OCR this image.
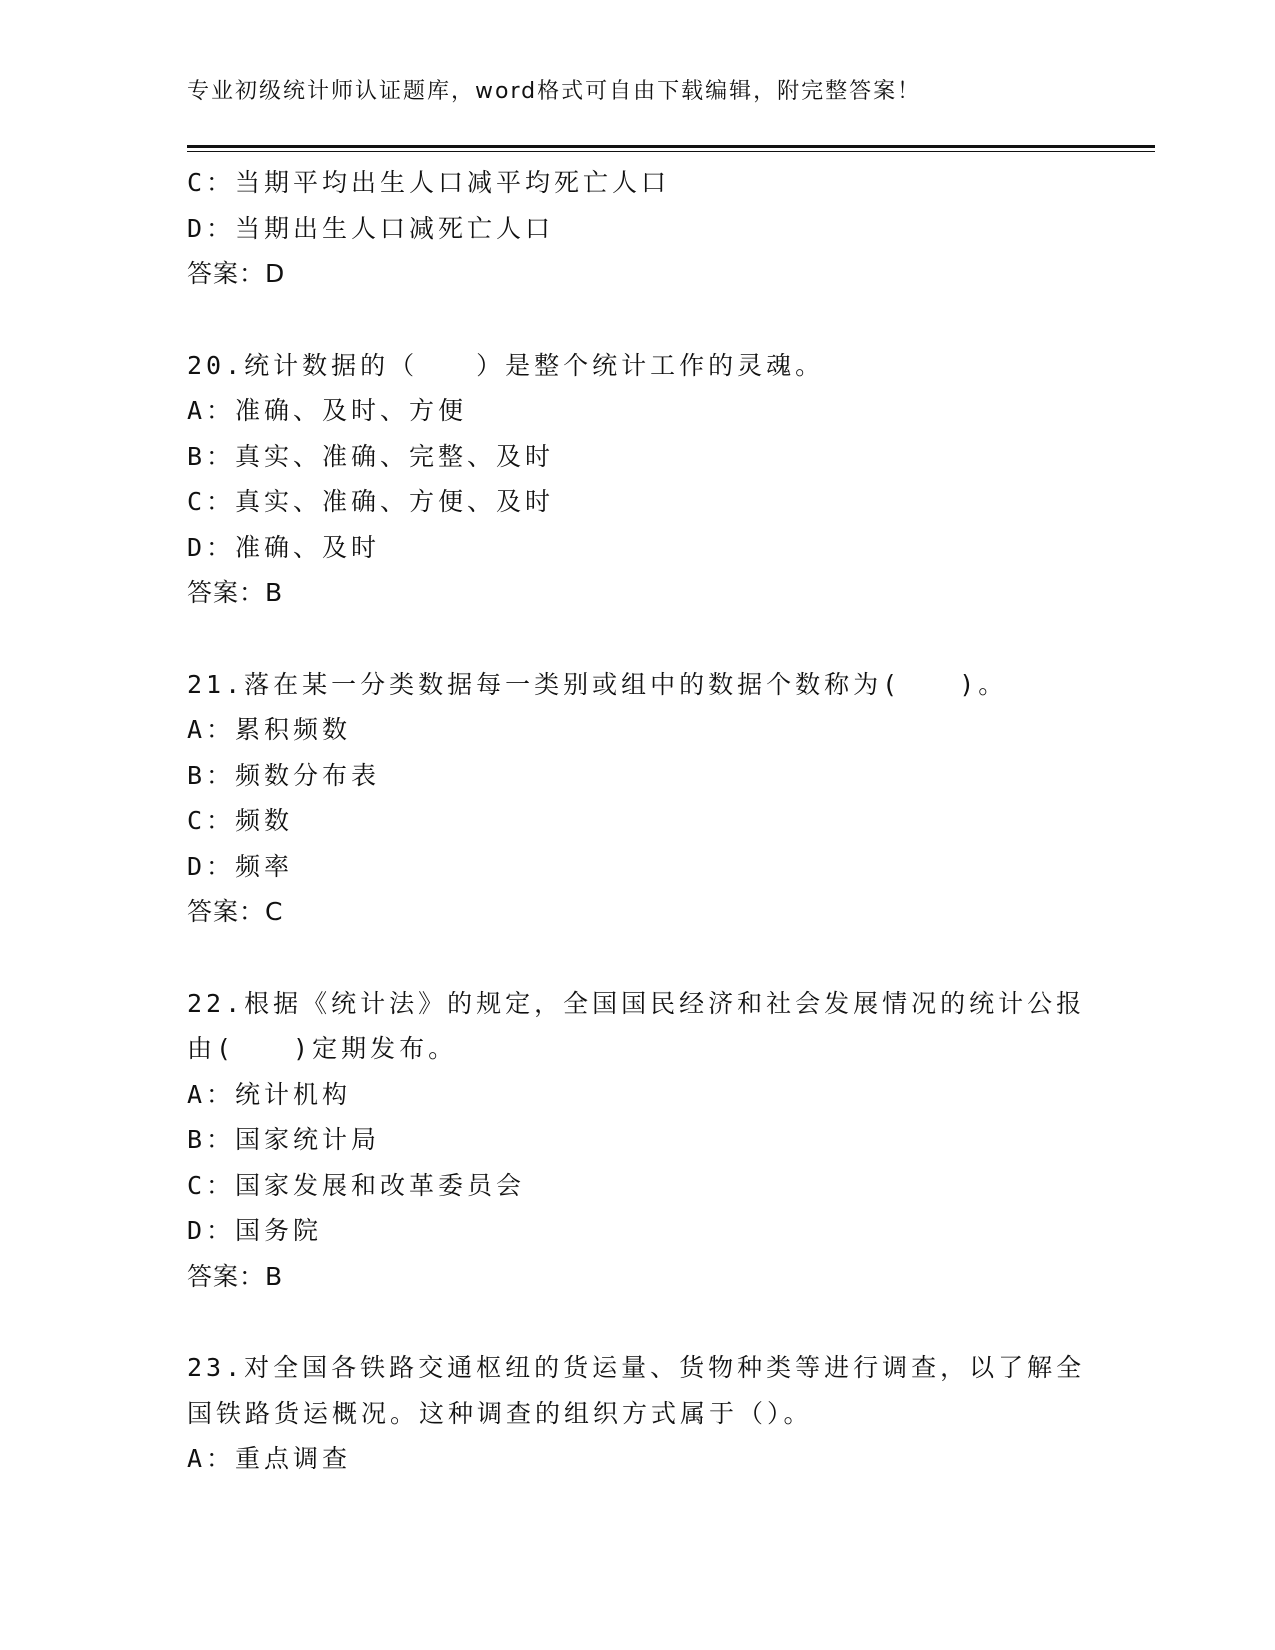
专业初级统计师认证题库，word格式可自由下载编辑，附完整答案！
C：当期平均出生人口减平均死亡人口
D：当期出生人口减死亡人口
答案：D
20.统计数据的（　　）是整个统计工作的灵魂。
A：准确、及时、方便
B：真实、准确、完整、及时
C：真实、准确、方便、及时
D：准确、及时
答案：B
21.落在某一分类数据每一类别或组中的数据个数称为(　　)。
A：累积频数
B：频数分布表
C：频数
D：频率
答案：C
22.根据《统计法》的规定，全国国民经济和社会发展情况的统计公报
由(　　)定期发布。
A：统计机构
B：国家统计局
C：国家发展和改革委员会
D：国务院
答案：B
23.对全国各铁路交通枢纽的货运量、货物种类等进行调查，以了解全
国铁路货运概况。这种调查的组织方式属于（）。
A：重点调查
